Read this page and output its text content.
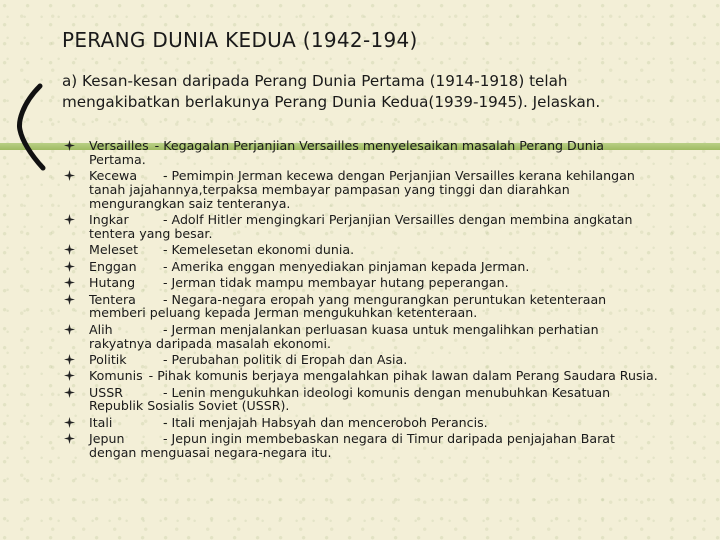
PERANG DUNIA KEDUA (1942-194)
a) Kesan-kesan daripada Perang Dunia Pertama (1914-1918) telah mengakibatkan berlakunya Perang Dunia Kedua(1939-1945). Jelaskan.
Versailles - Kegagalan Perjanjian Versailles menyelesaikan masalah Perang Dunia Pertama.
Kecewa - Pemimpin Jerman kecewa dengan Perjanjian Versailles kerana kehilangan tanah jajahannya,terpaksa membayar pampasan yang tinggi dan diarahkan mengurangkan saiz tenteranya.
Ingkar	- Adolf Hitler mengingkari Perjanjian Versailles dengan membina angkatan tentera yang besar.
Meleset - Kemelesetan ekonomi dunia.
Enggan - Amerika enggan menyediakan pinjaman kepada Jerman.
Hutang - Jerman tidak mampu membayar hutang peperangan.
Tentera - Negara-negara eropah yang mengurangkan peruntukan ketenteraan memberi peluang kepada Jerman mengukuhkan ketenteraan.
Alih	- Jerman menjalankan perluasan kuasa untuk mengalihkan perhatian rakyatnya daripada masalah ekonomi.
Politik	- Perubahan politik di Eropah dan Asia.
Komunis - Pihak komunis berjaya mengalahkan pihak lawan dalam Perang Saudara Rusia.
USSR	- Lenin mengukuhkan ideologi komunis dengan menubuhkan Kesatuan Republik Sosialis Soviet (USSR).
Itali	- Itali menjajah Habsyah dan menceroboh Perancis.
Jepun	- Jepun ingin membebaskan negara di Timur daripada penjajahan Barat dengan menguasai negara-negara itu.
